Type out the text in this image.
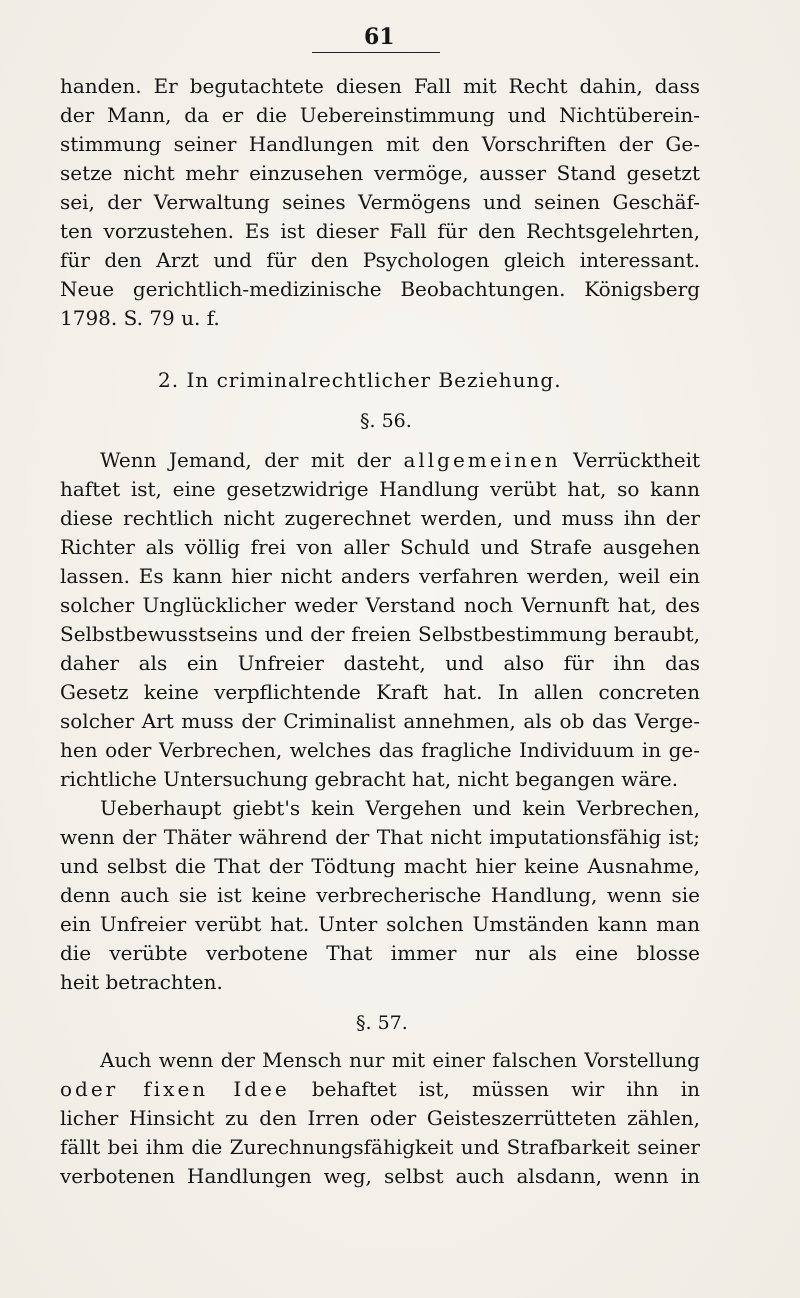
61
handen. Er begutachtete diesen Fall mit Recht dahin, dass
der Mann, da er die Uebereinstimmung und Nichtüberein-
stimmung seiner Handlungen mit den Vorschriften der Ge-
setze nicht mehr einzusehen vermöge, ausser Stand gesetzt
sei, der Verwaltung seines Vermögens und seinen Geschäf-
ten vorzustehen. Es ist dieser Fall für den Rechtsgelehrten,
für den Arzt und für den Psychologen gleich interessant.
Neue gerichtlich-medizinische Beobachtungen. Königsberg
1798. S. 79 u. f.
2. In criminalrechtlicher Beziehung.
§. 56.
Wenn Jemand, der mit der allgemeinen Verrücktheit
haftet ist, eine gesetzwidrige Handlung verübt hat, so kann
diese rechtlich nicht zugerechnet werden, und muss ihn der
Richter als völlig frei von aller Schuld und Strafe ausgehen
lassen. Es kann hier nicht anders verfahren werden, weil ein
solcher Unglücklicher weder Verstand noch Vernunft hat, des
Selbstbewusstseins und der freien Selbstbestimmung beraubt,
daher als ein Unfreier dasteht, und also für ihn das
Gesetz keine verpflichtende Kraft hat. In allen concreten
solcher Art muss der Criminalist annehmen, als ob das Verge-
hen oder Verbrechen, welches das fragliche Individuum in ge-
richtliche Untersuchung gebracht hat, nicht begangen wäre.
Ueberhaupt giebt's kein Vergehen und kein Verbrechen,
wenn der Thäter während der That nicht imputationsfähig ist;
und selbst die That der Tödtung macht hier keine Ausnahme,
denn auch sie ist keine verbrecherische Handlung, wenn sie
ein Unfreier verübt hat. Unter solchen Umständen kann man
die verübte verbotene That immer nur als eine blosse
heit betrachten.
§. 57.
Auch wenn der Mensch nur mit einer falschen Vorstellung
oder fixen Idee behaftet ist, müssen wir ihn in
licher Hinsicht zu den Irren oder Geisteszerrütteten zählen,
fällt bei ihm die Zurechnungsfähigkeit und Strafbarkeit seiner
verbotenen Handlungen weg, selbst auch alsdann, wenn in
